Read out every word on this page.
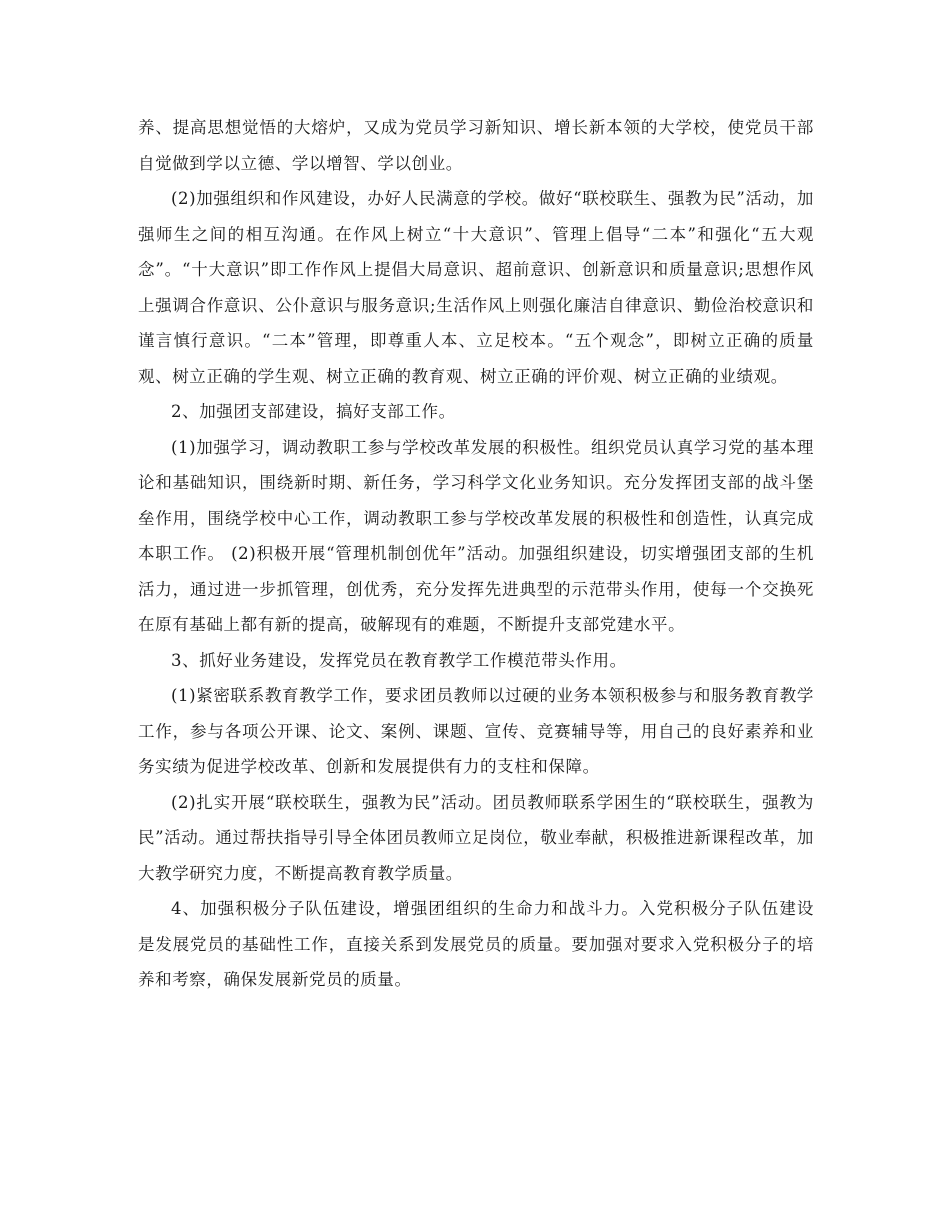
养、提高思想觉悟的大熔炉，又成为党员学习新知识、增长新本领的大学校，使党员干部自觉做到学以立德、学以增智、学以创业。

(2)加强组织和作风建设，办好人民满意的学校。做好“联校联生、强教为民”活动，加强师生之间的相互沟通。在作风上树立“十大意识”、管理上倡导“二本”和强化“五大观念”。“十大意识”即工作作风上提倡大局意识、超前意识、创新意识和质量意识;思想作风上强调合作意识、公仆意识与服务意识;生活作风上则强化廉洁自律意识、勤俭治校意识和谨言慎行意识。“二本”管理，即尊重人本、立足校本。“五个观念”，即树立正确的质量观、树立正确的学生观、树立正确的教育观、树立正确的评价观、树立正确的业绩观。

2、加强团支部建设，搞好支部工作。

(1)加强学习，调动教职工参与学校改革发展的积极性。组织党员认真学习党的基本理论和基础知识，围绕新时期、新任务，学习科学文化业务知识。充分发挥团支部的战斗堡垒作用，围绕学校中心工作，调动教职工参与学校改革发展的积极性和创造性，认真完成本职工作。 (2)积极开展“管理机制创优年”活动。加强组织建设，切实增强团支部的生机活力，通过进一步抓管理，创优秀，充分发挥先进典型的示范带头作用，使每一个交换死在原有基础上都有新的提高，破解现有的难题，不断提升支部党建水平。

3、抓好业务建设，发挥党员在教育教学工作模范带头作用。

(1)紧密联系教育教学工作，要求团员教师以过硬的业务本领积极参与和服务教育教学工作，参与各项公开课、论文、案例、课题、宣传、竞赛辅导等，用自己的良好素养和业务实绩为促进学校改革、创新和发展提供有力的支柱和保障。

(2)扎实开展“联校联生，强教为民”活动。团员教师联系学困生的“联校联生，强教为民”活动。通过帮扶指导引导全体团员教师立足岗位，敬业奉献，积极推进新课程改革，加大教学研究力度，不断提高教育教学质量。

4、加强积极分子队伍建设，增强团组织的生命力和战斗力。入党积极分子队伍建设是发展党员的基础性工作，直接关系到发展党员的质量。要加强对要求入党积极分子的培养和考察，确保发展新党员的质量。
